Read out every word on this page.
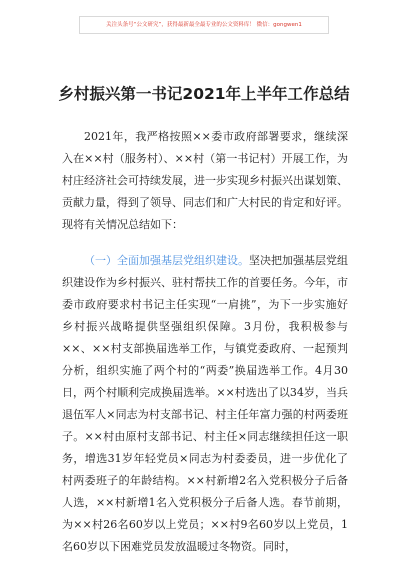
关注头条号“公文研究”，获得最新最全最专业的公文资料库！ 微信：gongwen1
乡村振兴第一书记2021年上半年工作总结

2021年，我严格按照××委市政府部署要求，继续深入在××村（服务村）、××村（第一书记村）开展工作，为村庄经济社会可持续发展，进一步实现乡村振兴出谋划策、贡献力量，得到了领导、同志们和广大村民的肯定和好评。现将有关情况总结如下：

（一）全面加强基层党组织建设。坚决把加强基层党组织建设作为乡村振兴、驻村帮扶工作的首要任务。今年，市委市政府要求村书记主任实现“一肩挑”，为下一步实施好乡村振兴战略提供坚强组织保障。3月份，我积极参与××、××村支部换届选举工作，与镇党委政府、一起预判分析，组织实施了两个村的“两委”换届选举工作。4月30日，两个村顺利完成换届选举。××村选出了以34岁，当兵退伍军人×同志为村支部书记、村主任年富力强的村两委班子。××村由原村支部书记、村主任×同志继续担任这一职务，增选31岁年轻党员×同志为村委委员，进一步优化了村两委班子的年龄结构。××村新增2名入党积极分子后备人选，××村新增1名入党积极分子后备人选。春节前期，为××村26名60岁以上党员；××村9名60岁以上党员，1名60岁以下困难党员发放温暖过冬物资。同时，
